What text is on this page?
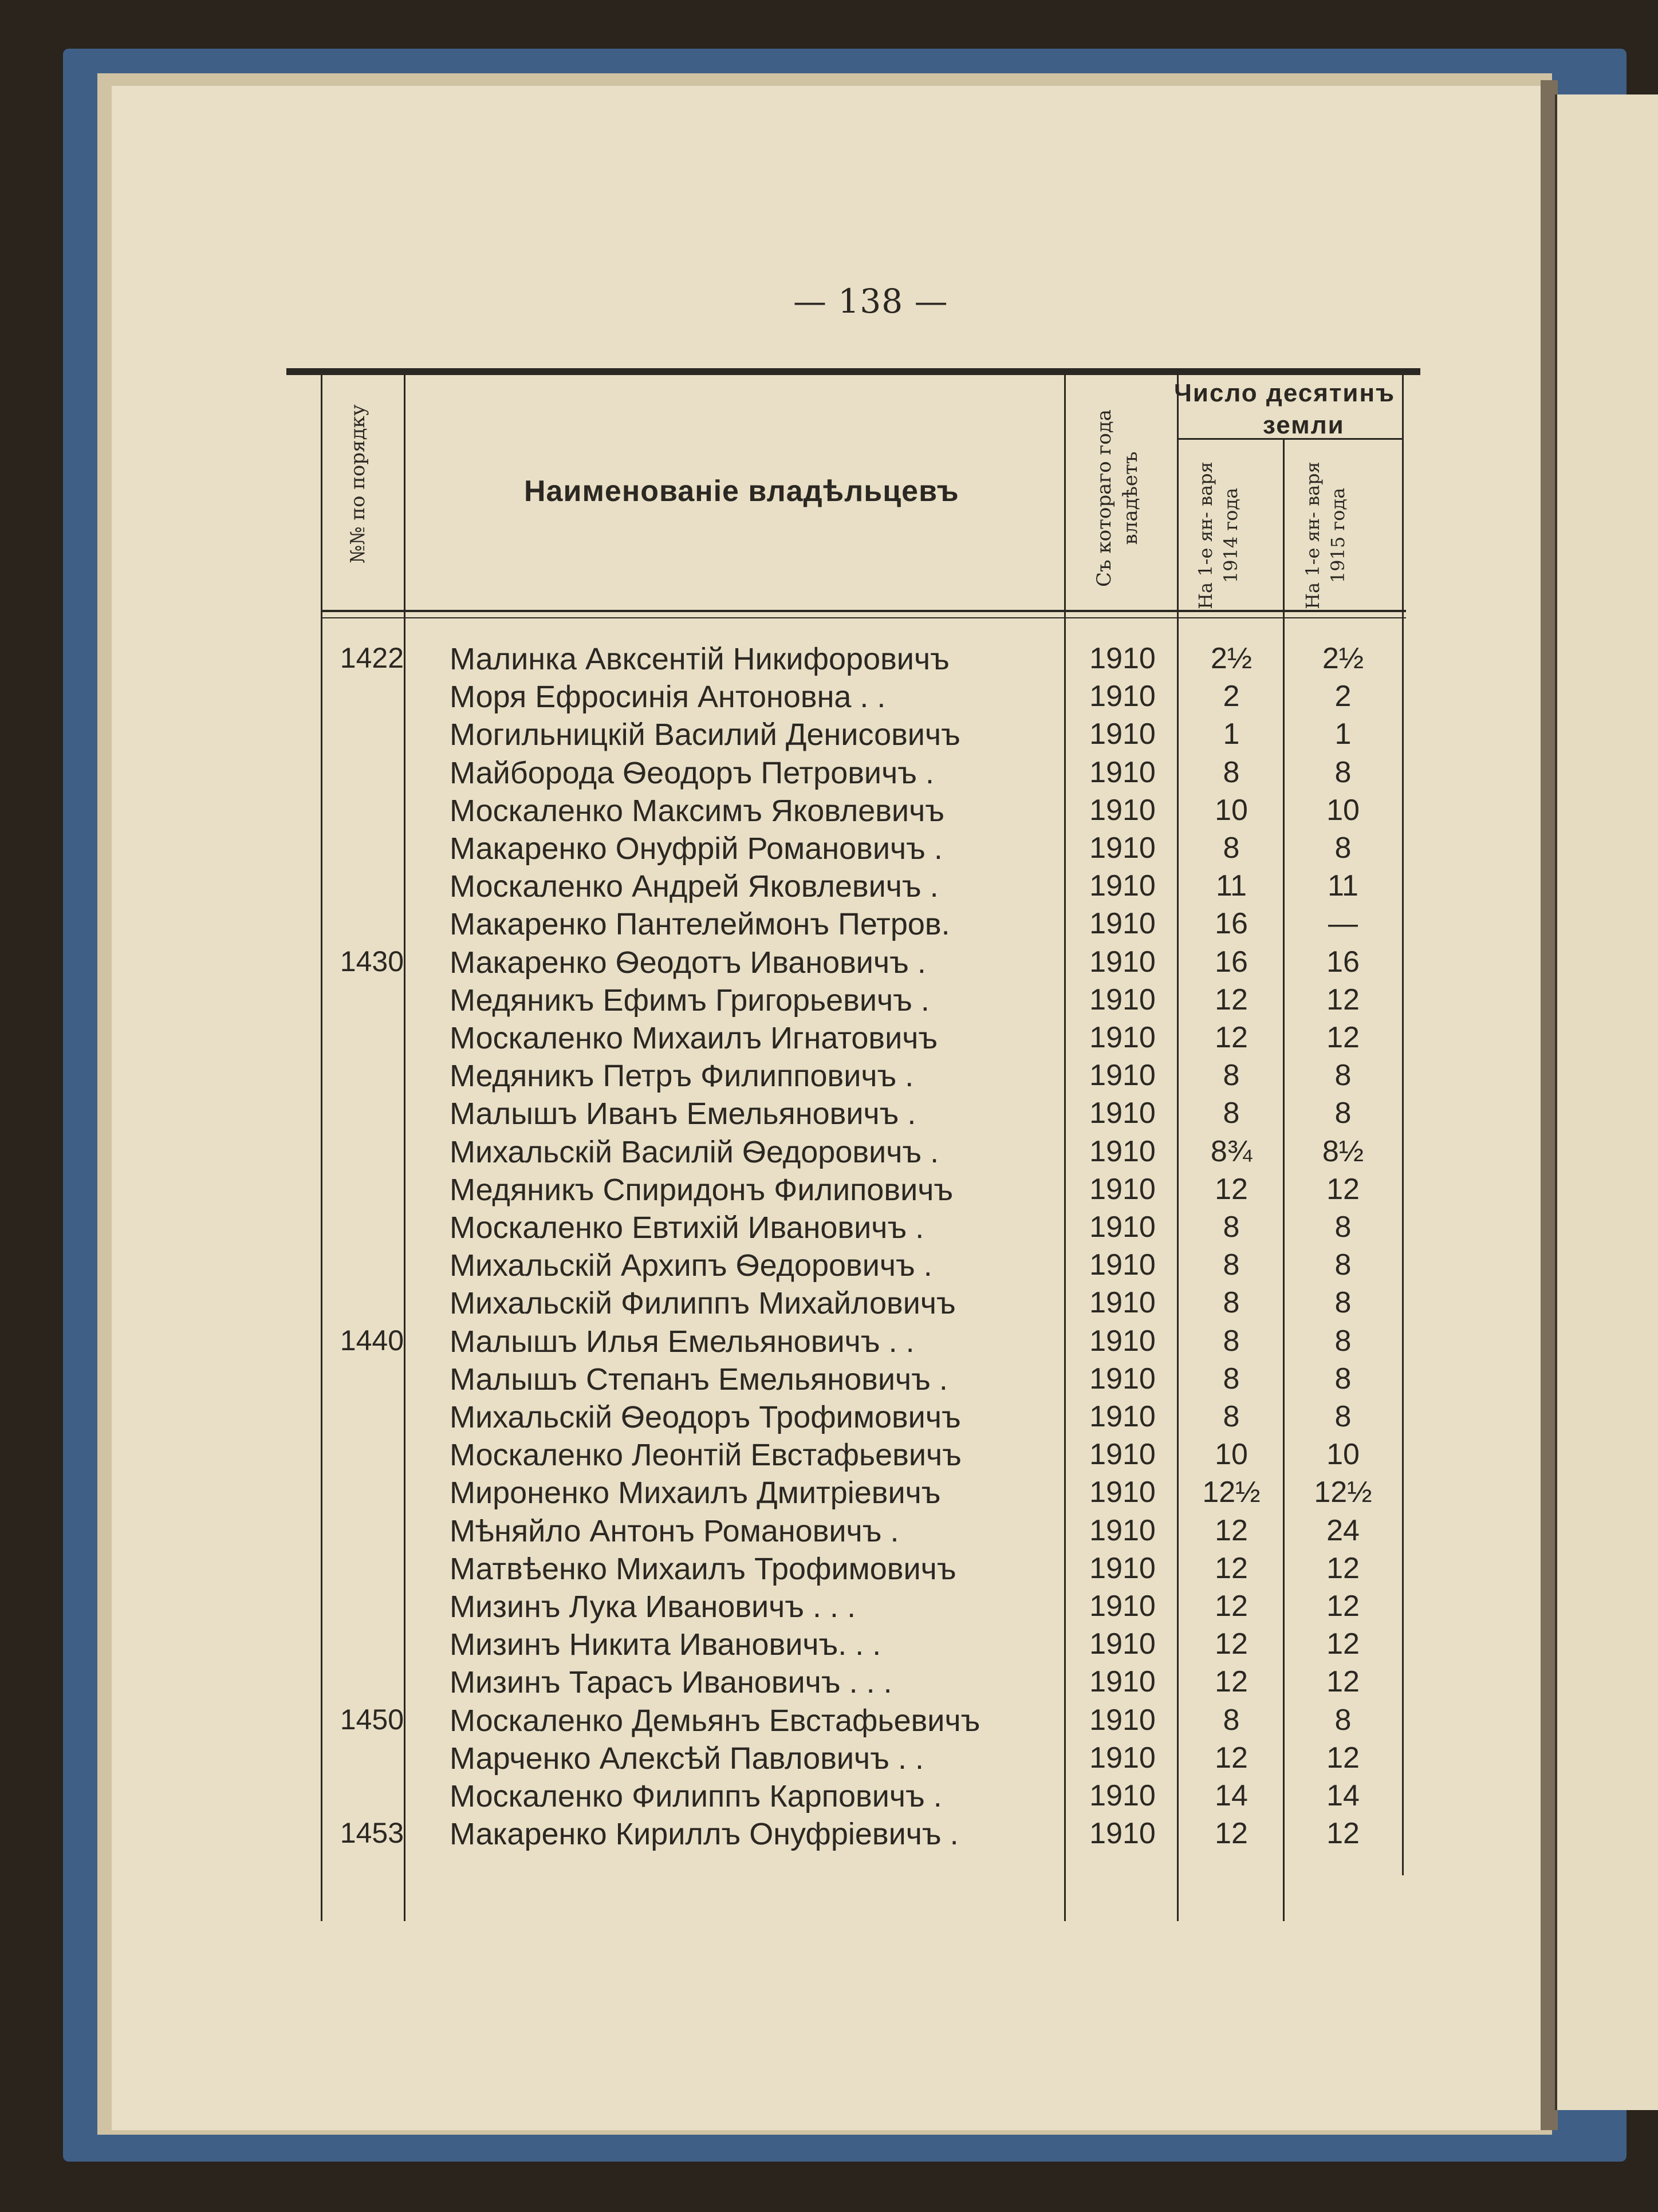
— 138 —
№№ по порядку	Наименованіе владѣльцевъ	Съ котораго года владѣетъ
Число десятинъ
земли
На 1-е ян- варя 1914 года	На 1-е ян- варя 1915 года
1422 Малинка Авксентій Никифоровичъ	1910	2½	2½
Моря Ефросинія Антоновна . .	1910	2	2
Могильницкій Василий Денисовичъ	1910	1	1
Майборода Ѳеодоръ Петровичъ .	1910	8	8
Москаленко Максимъ Яковлевичъ	1910	10	10
Макаренко Онуфрій Романовичъ .	1910	8	8
Москаленко Андрей Яковлевичъ .	1910	11	11
Макаренко Пантелеймонъ Петров.	1910	16	—
1430 Макаренко Ѳеодотъ Ивановичъ .	1910	16	16
Медяникъ Ефимъ Григорьевичъ .	1910	12	12
Москаленко Михаилъ Игнатовичъ	1910	12	12
Медяникъ Петръ Филипповичъ .	1910	8	8
Малышъ Иванъ Емельяновичъ .	1910	8	8
Михальскій Василій Ѳедоровичъ .	1910	8¾	8½
Медяникъ Спиридонъ Филиповичъ	1910	12	12
Москаленко Евтихій Ивановичъ .	1910	8	8
Михальскій Архипъ Ѳедоровичъ .	1910	8	8
Михальскій Филиппъ Михайловичъ	1910	8	8
1440 Малышъ Илья Емельяновичъ . .	1910	8	8
Малышъ Степанъ Емельяновичъ .	1910	8	8
Михальскій Ѳеодоръ Трофимовичъ	1910	8	8
Москаленко Леонтій Евстафьевичъ	1910	10	10
Мироненко Михаилъ Дмитріевичъ	1910	12½	12½
Мѣняйло Антонъ Романовичъ .	1910	12	24
Матвѣенко Михаилъ Трофимовичъ	1910	12	12
Мизинъ Лука Ивановичъ . . .	1910	12	12
Мизинъ Никита Ивановичъ. . .	1910	12	12
Мизинъ Тарасъ Ивановичъ . . .	1910	12	12
1450 Москаленко Демьянъ Евстафьевичъ	1910	8	8
Марченко Алексѣй Павловичъ . .	1910	12	12
Москаленко Филиппъ Карповичъ .	1910	14	14
1453 Макаренко Кириллъ Онуфріевичъ .	1910	12	12
